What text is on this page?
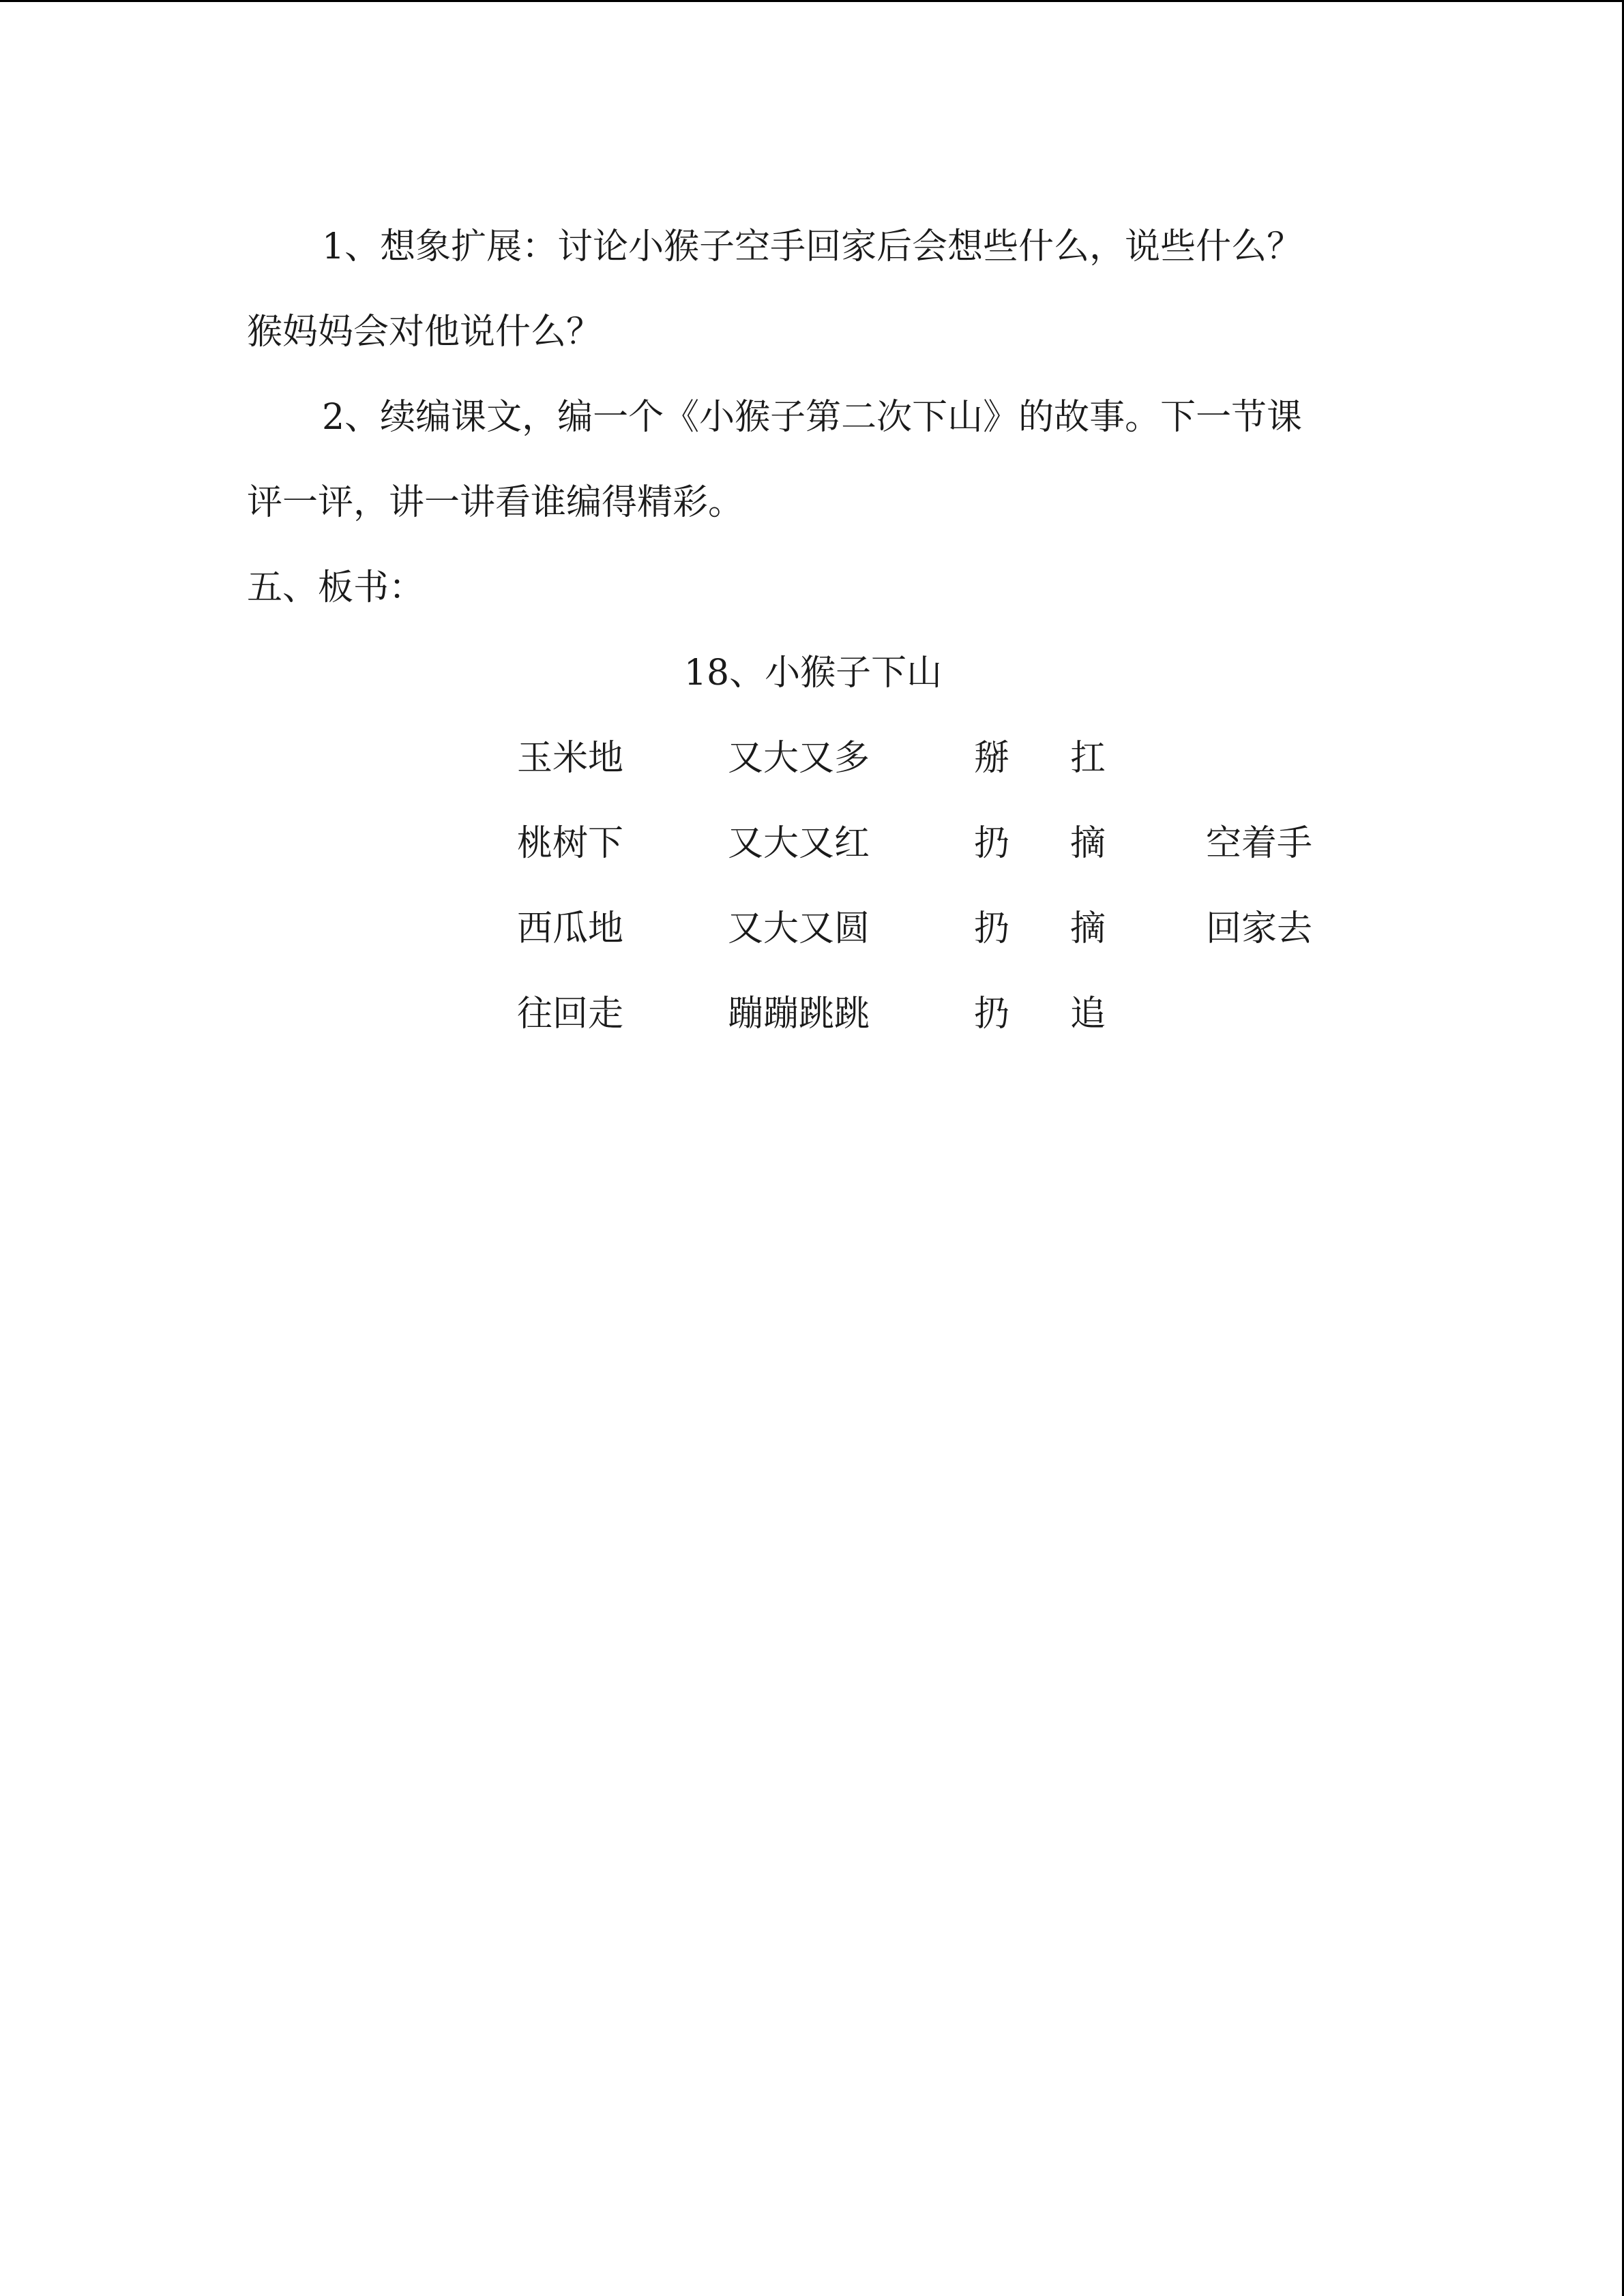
1、想象扩展：讨论小猴子空手回家后会想些什么，说些什么？

猴妈妈会对他说什么？

2、续编课文，编一个《小猴子第二次下山》的故事。下一节课

评一评，讲一讲看谁编得精彩。

五、板书：

18、小猴子下山

玉米地	又大又多	掰 扛
桃树下	又大又红	扔 摘	空着手
西瓜地	又大又圆	扔 摘	回家去
往回走	蹦蹦跳跳	扔 追
